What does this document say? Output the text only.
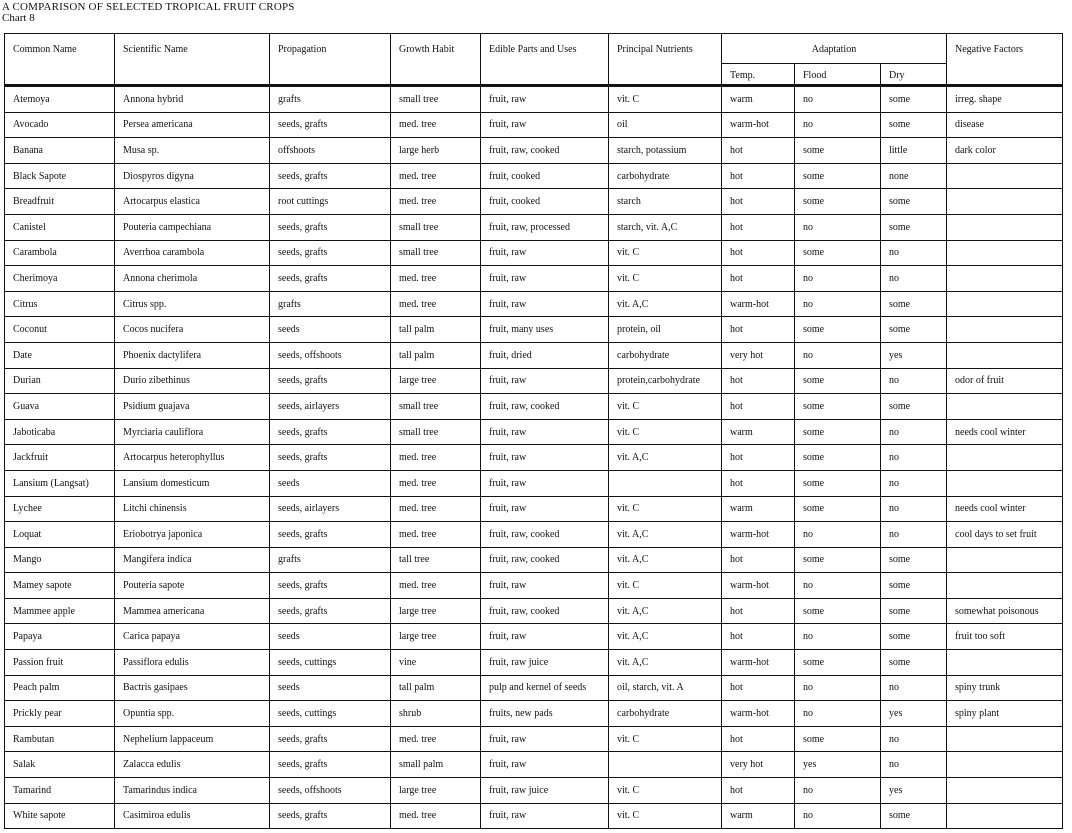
A COMPARISON OF SELECTED TROPICAL FRUIT CROPS
Chart 8
Common Name	Scientific Name	Propagation	Growth Habit	Edible Parts and Uses	Principal Nutrients	Adaptation			Negative Factors
						Temp.	Flood	Dry	
Atemoya	Annona hybrid	grafts	small tree	fruit, raw	vit. C	warm	no	some	irreg. shape
Avocado	Persea americana	seeds, grafts	med. tree	fruit, raw	oil	warm-hot	no	some	disease
Banana	Musa sp.	offshoots	large herb	fruit, raw, cooked	starch, potassium	hot	some	little	dark color
Black Sapote	Diospyros digyna	seeds, grafts	med. tree	fruit, cooked	carbohydrate	hot	some	none	
Breadfruit	Artocarpus elastica	root cuttings	med. tree	fruit, cooked	starch	hot	some	some	
Canistel	Pouteria campechiana	seeds, grafts	small tree	fruit, raw, processed	starch, vit. A,C	hot	no	some	
Carambola	Averrhoa carambola	seeds, grafts	small tree	fruit, raw	vit. C	hot	some	no	
Cherimoya	Annona cherimola	seeds, grafts	med. tree	fruit, raw	vit. C	hot	no	no	
Citrus	Citrus spp.	grafts	med. tree	fruit, raw	vit. A,C	warm-hot	no	some	
Coconut	Cocos nucifera	seeds	tall palm	fruit, many uses	protein, oil	hot	some	some	
Date	Phoenix dactylifera	seeds, offshoots	tall palm	fruit, dried	carbohydrate	very hot	no	yes	
Durian	Durio zibethinus	seeds, grafts	large tree	fruit, raw	protein,carbohydrate	hot	some	no	odor of fruit
Guava	Psidium guajava	seeds, airlayers	small tree	fruit, raw, cooked	vit. C	hot	some	some	
Jaboticaba	Myrciaria cauliflora	seeds, grafts	small tree	fruit, raw	vit. C	warm	some	no	needs cool winter
Jackfruit	Artocarpus heterophyllus	seeds, grafts	med. tree	fruit, raw	vit. A,C	hot	some	no	
Lansium (Langsat)	Lansium domesticum	seeds	med. tree	fruit, raw		hot	some	no	
Lychee	Litchi chinensis	seeds, airlayers	med. tree	fruit, raw	vit. C	warm	some	no	needs cool winter
Loquat	Eriobotrya japonica	seeds, grafts	med. tree	fruit, raw, cooked	vit. A,C	warm-hot	no	no	cool days to set fruit
Mango	Mangifera indica	grafts	tall tree	fruit, raw, cooked	vit. A,C	hot	some	some	
Mamey sapote	Pouteria sapote	seeds, grafts	med. tree	fruit, raw	vit. C	warm-hot	no	some	
Mammee apple	Mammea americana	seeds, grafts	large tree	fruit, raw, cooked	vit. A,C	hot	some	some	somewhat poisonous
Papaya	Carica papaya	seeds	large tree	fruit, raw	vit. A,C	hot	no	some	fruit too soft
Passion fruit	Passiflora edulis	seeds, cuttings	vine	fruit, raw juice	vit. A,C	warm-hot	some	some	
Peach palm	Bactris gasipaes	seeds	tall palm	pulp and kernel of seeds	oil, starch, vit. A	hot	no	no	spiny trunk
Prickly pear	Opuntia spp.	seeds, cuttings	shrub	fruits, new pads	carbohydrate	warm-hot	no	yes	spiny plant
Rambutan	Nephelium lappaceum	seeds, grafts	med. tree	fruit, raw	vit. C	hot	some	no	
Salak	Zalacca edulis	seeds, grafts	small palm	fruit, raw		very hot	yes	no	
Tamarind	Tamarindus indica	seeds, offshoots	large tree	fruit, raw juice	vit. C	hot	no	yes	
White sapote	Casimiroa edulis	seeds, grafts	med. tree	fruit, raw	vit. C	warm	no	some	
